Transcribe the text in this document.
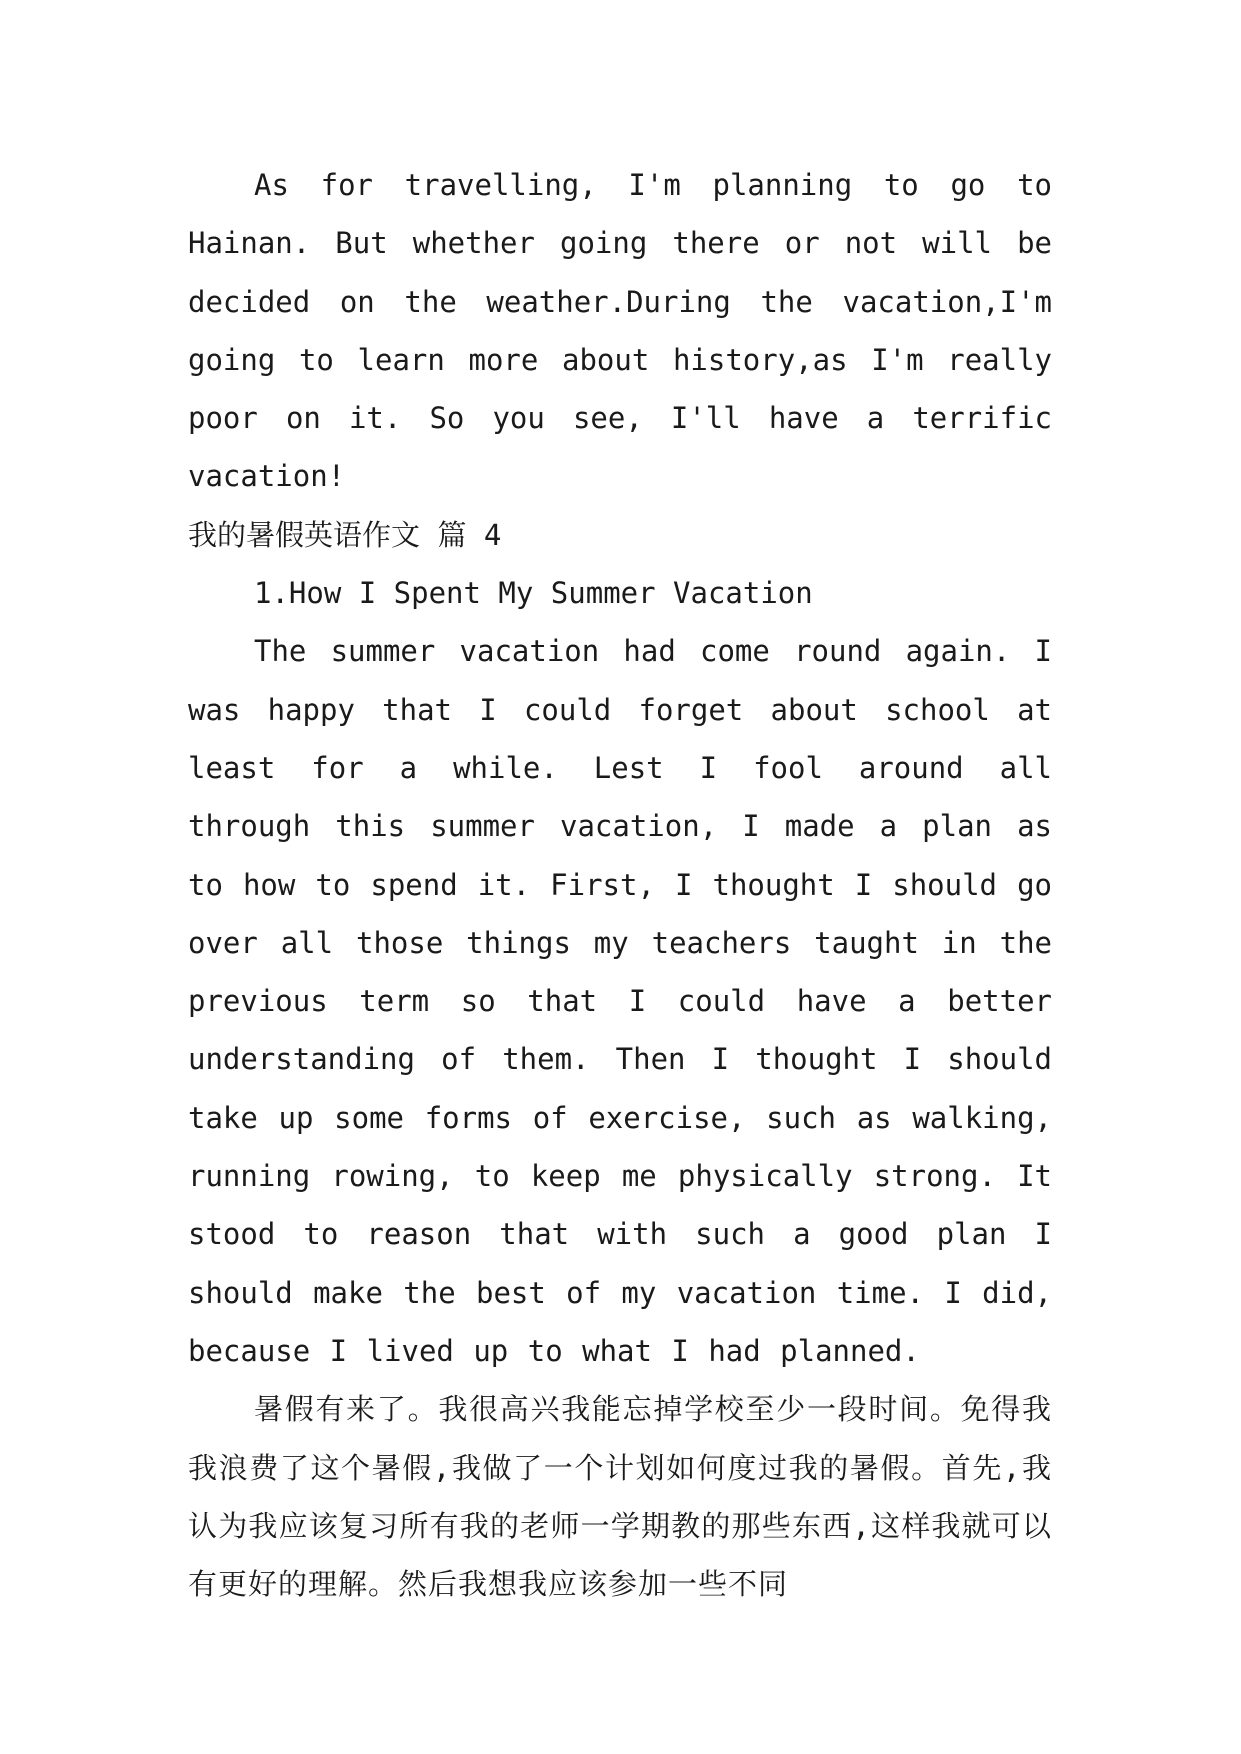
As for travelling, I'm planning to go to Hainan. But whether going there or not will be decided on the weather.During the vacation,I'm going to learn more about history,as I'm really poor on it. So you see, I'll have a terrific vacation!

我的暑假英语作文 篇 4

1.How I Spent My Summer Vacation

The summer vacation had come round again. I was happy that I could forget about school at least for a while. Lest I fool around all through this summer vacation, I made a plan as to how to spend it. First, I thought I should go over all those things my teachers taught in the previous term so that I could have a better understanding of them. Then I thought I should take up some forms of exercise, such as walking, running rowing, to keep me physically strong. It stood to reason that with such a good plan I should make the best of my vacation time. I did, because I lived up to what I had planned.

暑假有来了。我很高兴我能忘掉学校至少一段时间。免得我我浪费了这个暑假,我做了一个计划如何度过我的暑假。首先,我认为我应该复习所有我的老师一学期教的那些东西,这样我就可以有更好的理解。然后我想我应该参加一些不同
